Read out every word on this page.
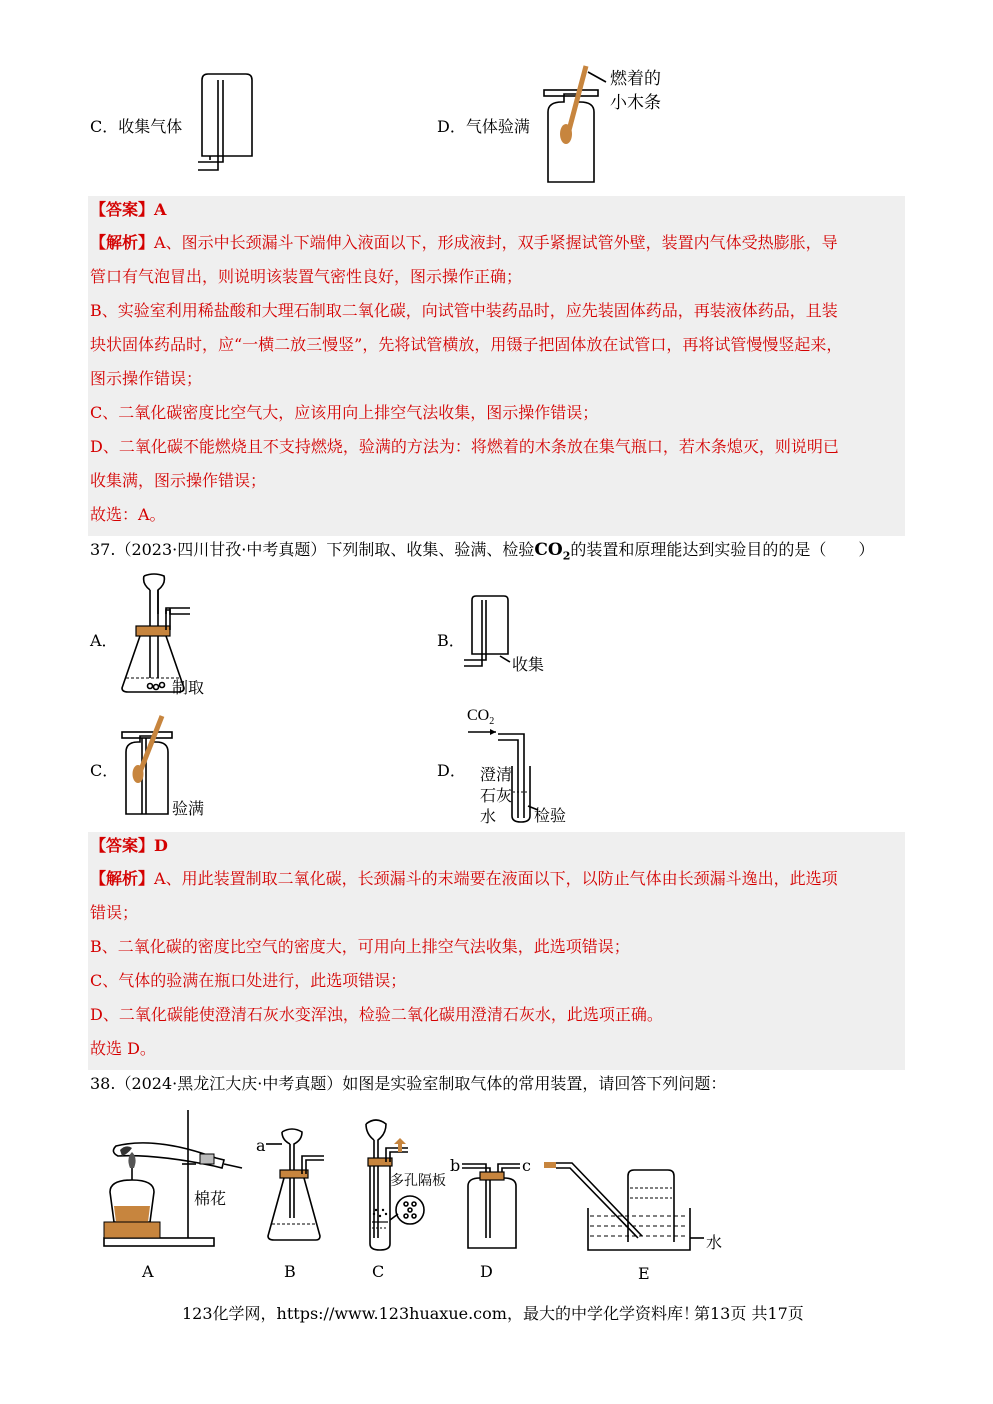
C．收集气体	D．气体验满
燃着的
小木条
【答案】A
【解析】A、图示中长颈漏斗下端伸入液面以下，形成液封，双手紧握试管外壁，装置内气体受热膨胀，导
管口有气泡冒出，则说明该装置气密性良好，图示操作正确；
B、实验室利用稀盐酸和大理石制取二氧化碳，向试管中装药品时，应先装固体药品，再装液体药品，且装
块状固体药品时，应“一横二放三慢竖”，先将试管横放，用镊子把固体放在试管口，再将试管慢慢竖起来，
图示操作错误；
C、二氧化碳密度比空气大，应该用向上排空气法收集，图示操作错误；
D、二氧化碳不能燃烧且不支持燃烧，验满的方法为：将燃着的木条放在集气瓶口，若木条熄灭，则说明已
收集满，图示操作错误；
故选：A。
37.（2023·四川甘孜·中考真题）下列制取、收集、验满、检验$CO_2$的装置和原理能达到实验目的的是（　　）
A．
制取
B．
收集
C．
验满
D．
$CO_2$
澄清
石灰
水 检验
【答案】D
【解析】A、用此装置制取二氧化碳，长颈漏斗的末端要在液面以下，以防止气体由长颈漏斗逸出，此选项
错误；
B、二氧化碳的密度比空气的密度大，可用向上排空气法收集，此选项错误；
C、气体的验满在瓶口处进行，此选项错误；
D、二氧化碳能使澄清石灰水变浑浊，检验二氧化碳用澄清石灰水，此选项正确。
故选 D。
38.（2024·黑龙江大庆·中考真题）如图是实验室制取气体的常用装置，请回答下列问题：
棉花
A
a
B
多孔隔板
C
b	c
D
水
E
123化学网，https://www.123huaxue.com，最大的中学化学资料库！
第13页 共17页
